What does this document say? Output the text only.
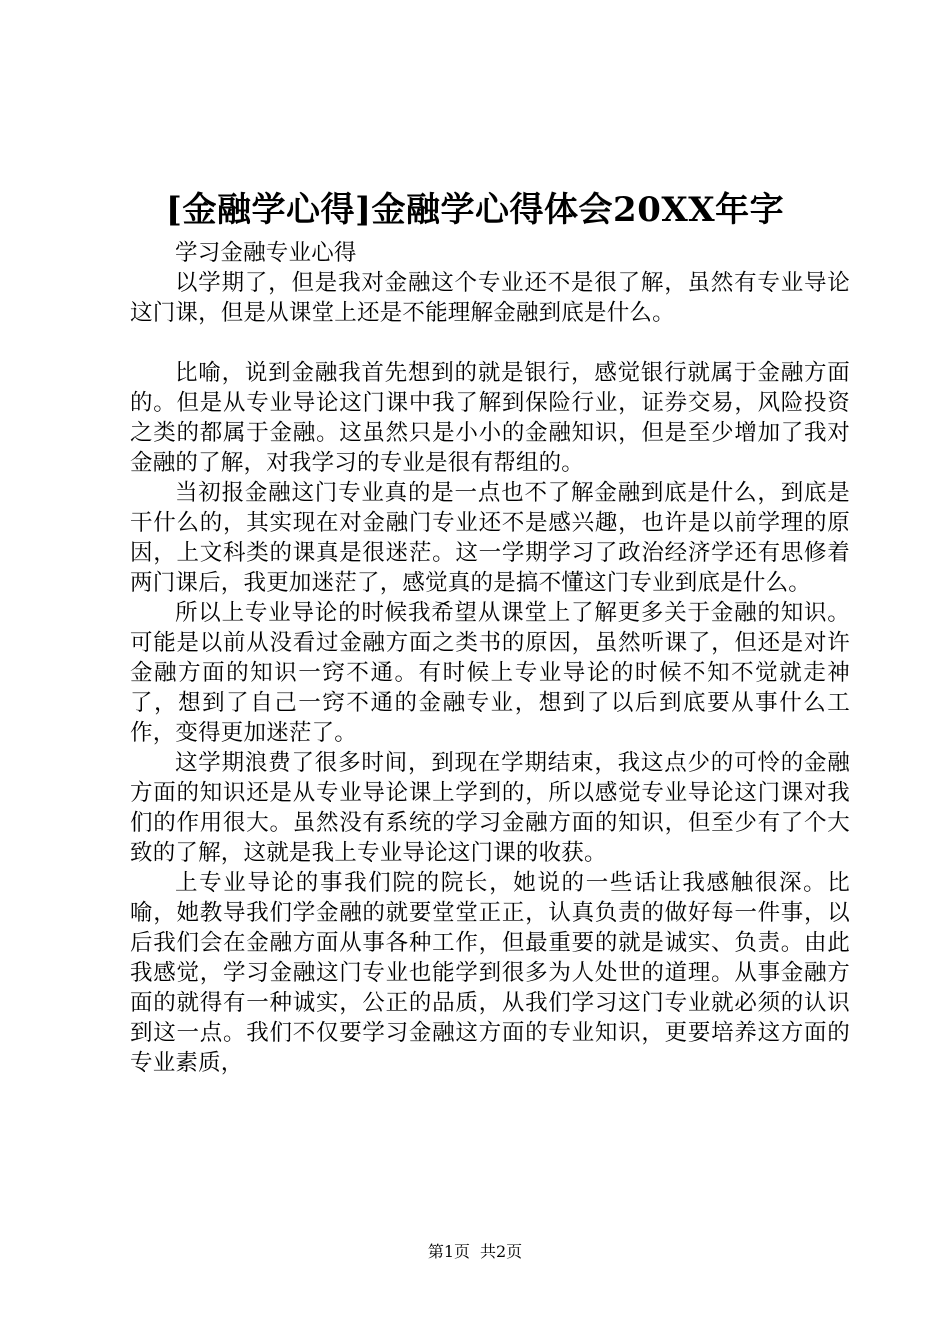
[金融学心得]金融学心得体会20XX年字

学习金融专业心得

以学期了，但是我对金融这个专业还不是很了解，虽然有专业导论这门课，但是从课堂上还是不能理解金融到底是什么。

比喻，说到金融我首先想到的就是银行，感觉银行就属于金融方面的。但是从专业导论这门课中我了解到保险行业，证券交易，风险投资之类的都属于金融。这虽然只是小小的金融知识，但是至少增加了我对金融的了解，对我学习的专业是很有帮组的。

当初报金融这门专业真的是一点也不了解金融到底是什么，到底是干什么的，其实现在对金融门专业还不是感兴趣，也许是以前学理的原因，上文科类的课真是很迷茫。这一学期学习了政治经济学还有思修着两门课后，我更加迷茫了，感觉真的是搞不懂这门专业到底是什么。

所以上专业导论的时候我希望从课堂上了解更多关于金融的知识。可能是以前从没看过金融方面之类书的原因，虽然听课了，但还是对许金融方面的知识一窍不通。有时候上专业导论的时候不知不觉就走神了，想到了自己一窍不通的金融专业，想到了以后到底要从事什么工作，变得更加迷茫了。

这学期浪费了很多时间，到现在学期结束，我这点少的可怜的金融方面的知识还是从专业导论课上学到的，所以感觉专业导论这门课对我们的作用很大。虽然没有系统的学习金融方面的知识，但至少有了个大致的了解，这就是我上专业导论这门课的收获。

上专业导论的事我们院的院长，她说的一些话让我感触很深。比喻，她教导我们学金融的就要堂堂正正，认真负责的做好每一件事，以后我们会在金融方面从事各种工作，但最重要的就是诚实、负责。由此我感觉，学习金融这门专业也能学到很多为人处世的道理。从事金融方面的就得有一种诚实，公正的品质，从我们学习这门专业就必须的认识到这一点。我们不仅要学习金融这方面的专业知识，更要培养这方面的专业素质，

第1页 共2页
